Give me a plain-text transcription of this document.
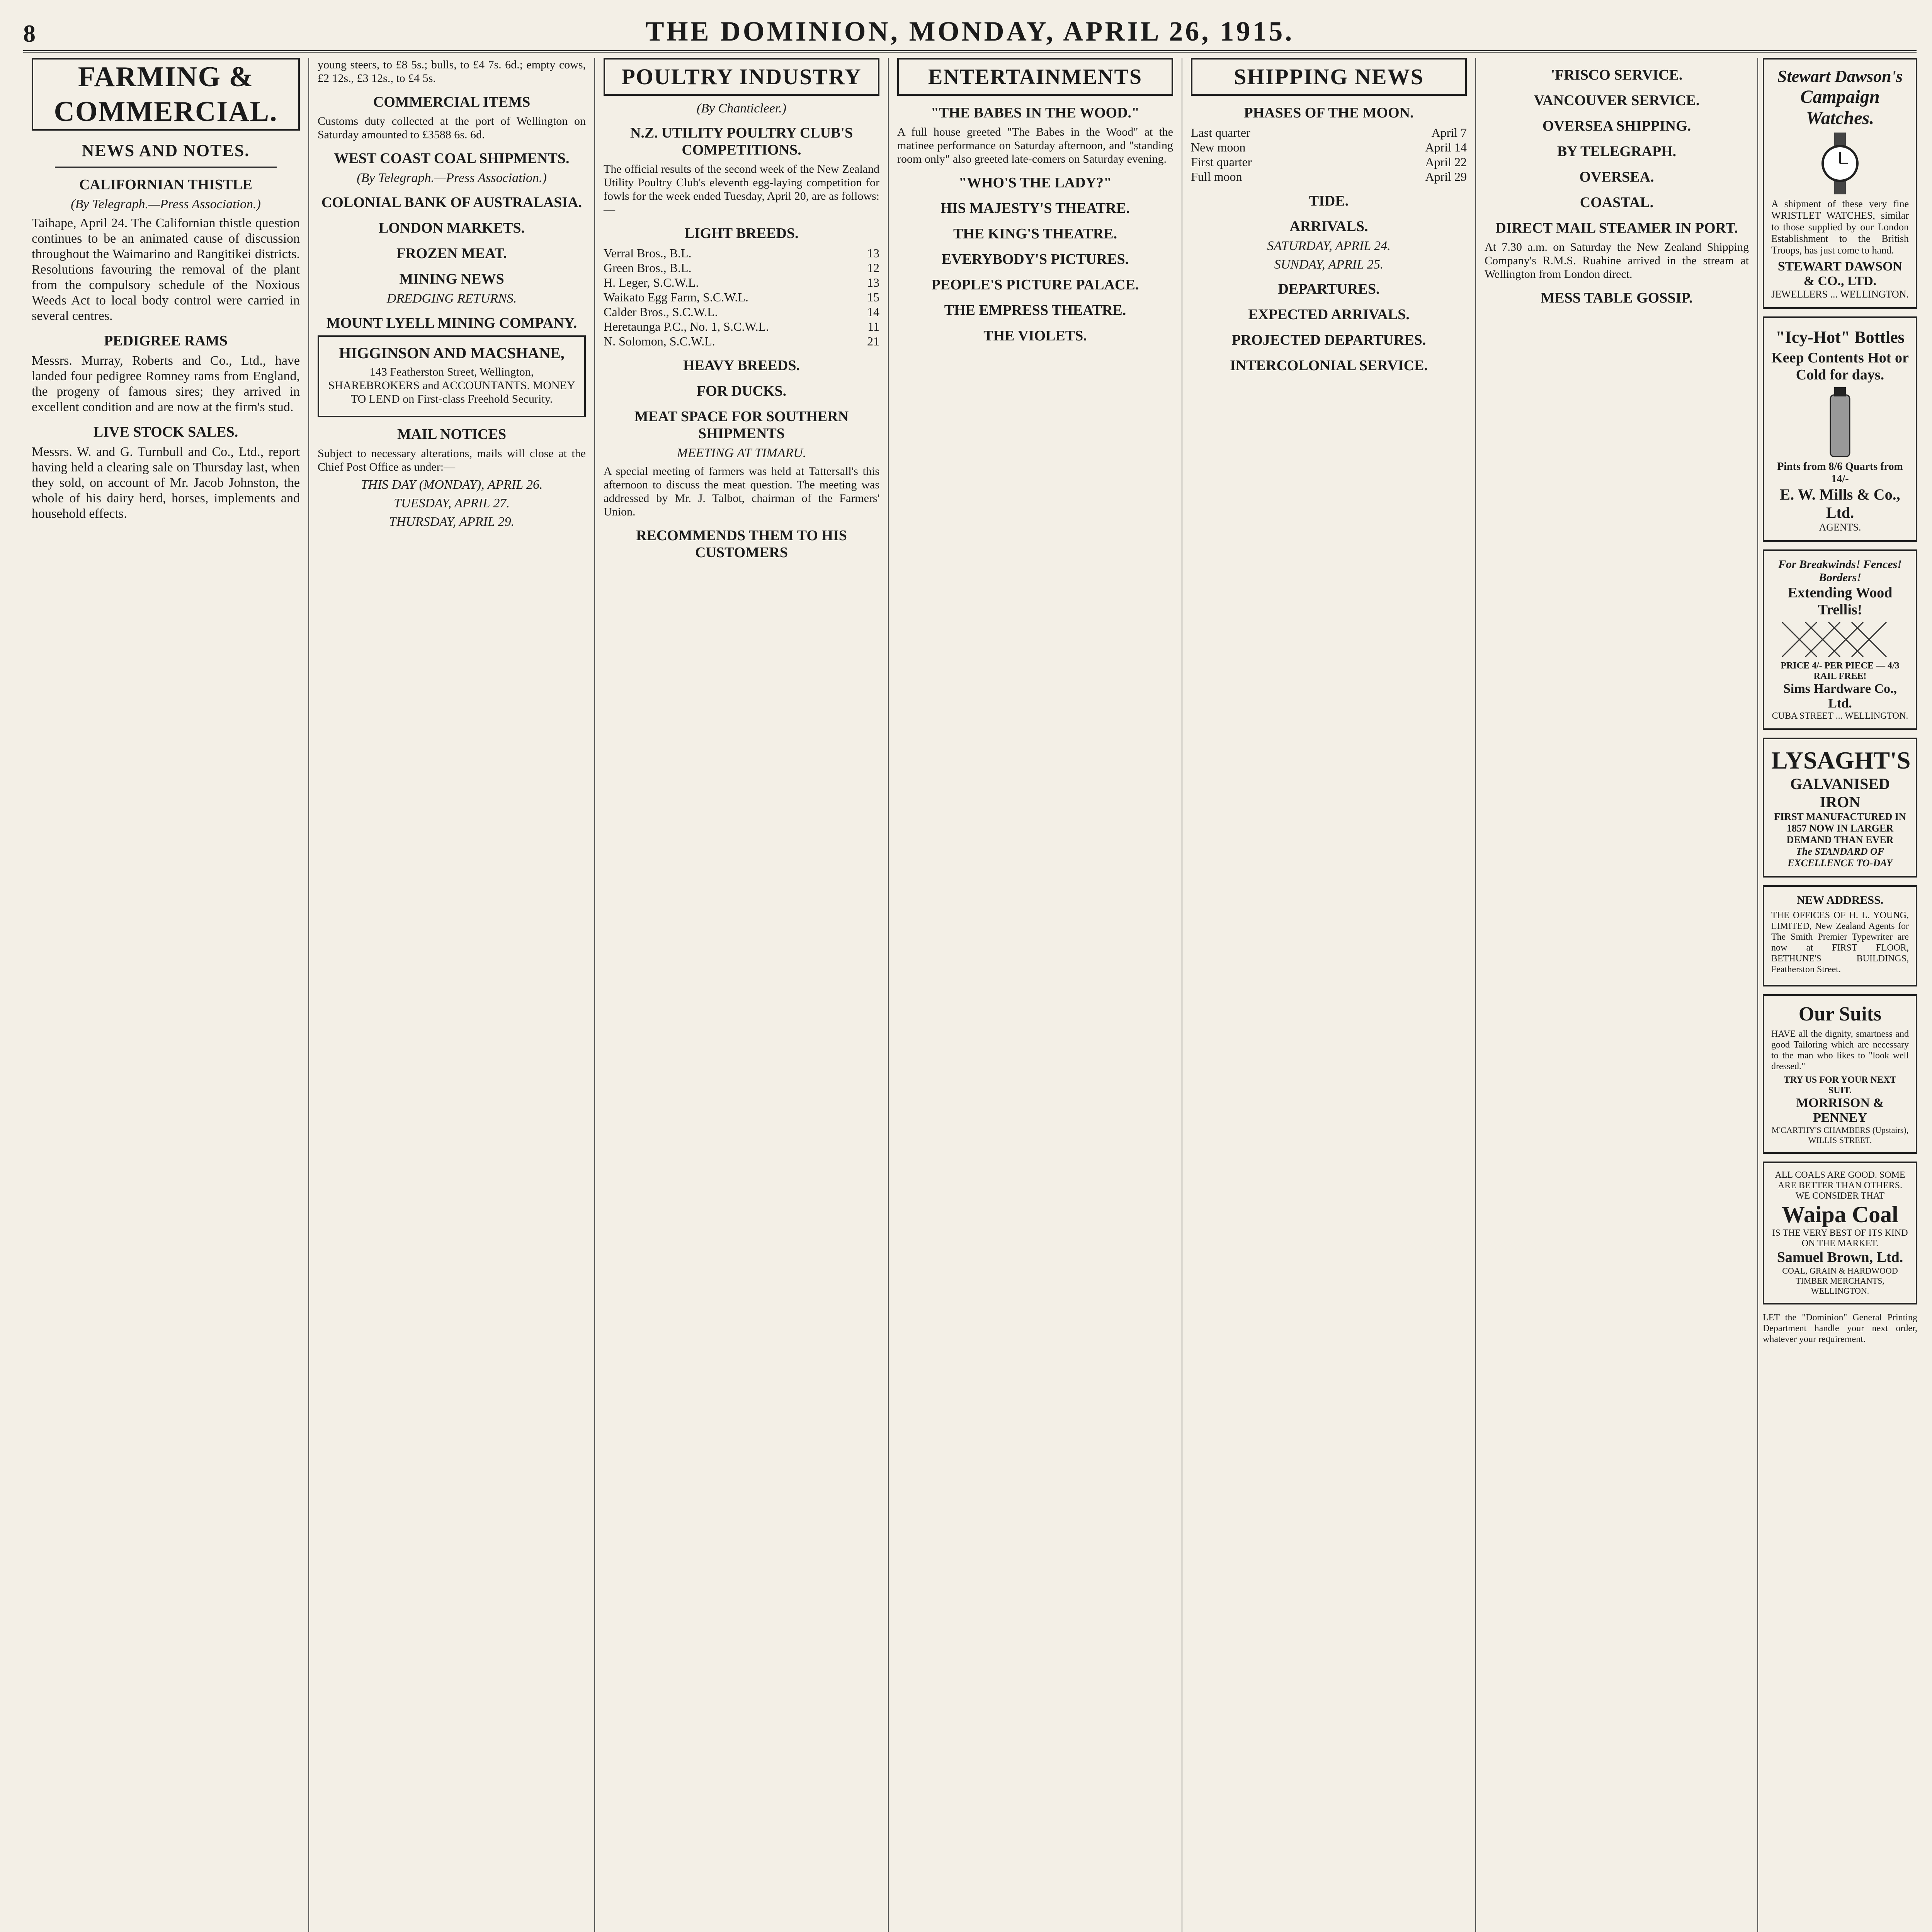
8	THE DOMINION, MONDAY, APRIL 26, 1915.
FARMING & COMMERCIAL.
NEWS AND NOTES.
CALIFORNIAN THISTLE
(By Telegraph.—Press Association.)

Taihape, April 24. The Californian thistle question continues to be an animated cause of discussion throughout the Waimarino and Rangitikei districts. Resolutions favouring the removal of the plant from the compulsory schedule of the Noxious Weeds Act to local body control were carried in several centres.

PEDIGREE RAMS

Messrs. Murray, Roberts and Co., Ltd., have landed four pedigree Romney rams from England, the progeny of famous sires; they arrived in excellent condition and are now at the firm's stud.

LIVE STOCK SALES.

Messrs. W. and G. Turnbull and Co., Ltd., report having held a clearing sale on Thursday last, when they sold, on account of Mr. Jacob Johnston, the whole of his dairy herd, horses, implements and household effects.

young steers, to £8 5s.; bulls, to £4 7s. 6d.; empty cows, £2 12s., £3 12s., to £4 5s.

COMMERCIAL ITEMS

Customs duty collected at the port of Wellington on Saturday amounted to £3588 6s. 6d.

WEST COAST COAL SHIPMENTS.
(By Telegraph.—Press Association.)
COLONIAL BANK OF AUSTRALASIA.
LONDON MARKETS.
FROZEN MEAT.
MINING NEWS
DREDGING RETURNS.
MOUNT LYELL MINING COMPANY.
HIGGINSON AND MACSHANE,

143 Featherston Street, Wellington, SHAREBROKERS and ACCOUNTANTS. MONEY TO LEND on First-class Freehold Security.

MAIL NOTICES

Subject to necessary alterations, mails will close at the Chief Post Office as under:—

THIS DAY (MONDAY), APRIL 26.
TUESDAY, APRIL 27.
THURSDAY, APRIL 29.
POULTRY INDUSTRY
(By Chanticleer.)
N.Z. UTILITY POULTRY CLUB'S COMPETITIONS.

The official results of the second week of the New Zealand Utility Poultry Club's eleventh egg-laying competition for fowls for the week ended Tuesday, April 20, are as follows:—

LIGHT BREEDS.
Verral Bros., B.L.	13
Green Bros., B.L.	12
H. Leger, S.C.W.L.	13
Waikato Egg Farm, S.C.W.L.	15
Calder Bros., S.C.W.L.	14
Heretaunga P.C., No. 1, S.C.W.L.	11
N. Solomon, S.C.W.L.	21
HEAVY BREEDS.
FOR DUCKS.
MEAT SPACE FOR SOUTHERN SHIPMENTS
MEETING AT TIMARU.

A special meeting of farmers was held at Tattersall's this afternoon to discuss the meat question. The meeting was addressed by Mr. J. Talbot, chairman of the Farmers' Union.

RECOMMENDS THEM TO HIS CUSTOMERS
ENTERTAINMENTS
"THE BABES IN THE WOOD."

A full house greeted "The Babes in the Wood" at the matinee performance on Saturday afternoon, and "standing room only" also greeted late-comers on Saturday evening.

"WHO'S THE LADY?"
HIS MAJESTY'S THEATRE.
THE KING'S THEATRE.
EVERYBODY'S PICTURES.
PEOPLE'S PICTURE PALACE.
THE EMPRESS THEATRE.
THE VIOLETS.
SHIPPING NEWS
PHASES OF THE MOON.
Last quarter	April 7
New moon	April 14
First quarter	April 22
Full moon	April 29
TIDE.
ARRIVALS.
SATURDAY, APRIL 24.
SUNDAY, APRIL 25.
DEPARTURES.
EXPECTED ARRIVALS.
PROJECTED DEPARTURES.
INTERCOLONIAL SERVICE.
'FRISCO SERVICE.
VANCOUVER SERVICE.
OVERSEA SHIPPING.
BY TELEGRAPH.
OVERSEA.
COASTAL.
DIRECT MAIL STEAMER IN PORT.

At 7.30 a.m. on Saturday the New Zealand Shipping Company's R.M.S. Ruahine arrived in the stream at Wellington from London direct.

MESS TABLE GOSSIP.
Stewart Dawson's
Campaign Watches.

A shipment of these very fine WRISTLET WATCHES, similar to those supplied by our London Establishment to the British Troops, has just come to hand.

STEWART DAWSON & CO., LTD.
JEWELLERS ... WELLINGTON.
"Icy-Hot" Bottles
Keep Contents Hot or Cold for days.
Pints from 8/6 Quarts from 14/-
E. W. Mills & Co., Ltd.
AGENTS.
For Breakwinds! Fences! Borders!
Extending Wood Trellis!
PRICE 4/- PER PIECE — 4/3 RAIL FREE!
Sims Hardware Co., Ltd.
CUBA STREET ... WELLINGTON.
LYSAGHT'S
GALVANISED IRON
FIRST MANUFACTURED IN 1857 NOW IN LARGER DEMAND THAN EVER
The STANDARD OF EXCELLENCE TO-DAY
NEW ADDRESS.

THE OFFICES OF H. L. YOUNG, LIMITED, New Zealand Agents for The Smith Premier Typewriter are now at FIRST FLOOR, BETHUNE'S BUILDINGS, Featherston Street.

Our Suits

HAVE all the dignity, smartness and good Tailoring which are necessary to the man who likes to "look well dressed."

TRY US FOR YOUR NEXT SUIT.
MORRISON & PENNEY
M'CARTHY'S CHAMBERS (Upstairs), WILLIS STREET.
ALL COALS ARE GOOD. SOME ARE BETTER THAN OTHERS. WE CONSIDER THAT
Waipa Coal
IS THE VERY BEST OF ITS KIND ON THE MARKET.
Samuel Brown, Ltd.
COAL, GRAIN & HARDWOOD TIMBER MERCHANTS, WELLINGTON.

LET the "Dominion" General Printing Department handle your next order, whatever your requirement.
